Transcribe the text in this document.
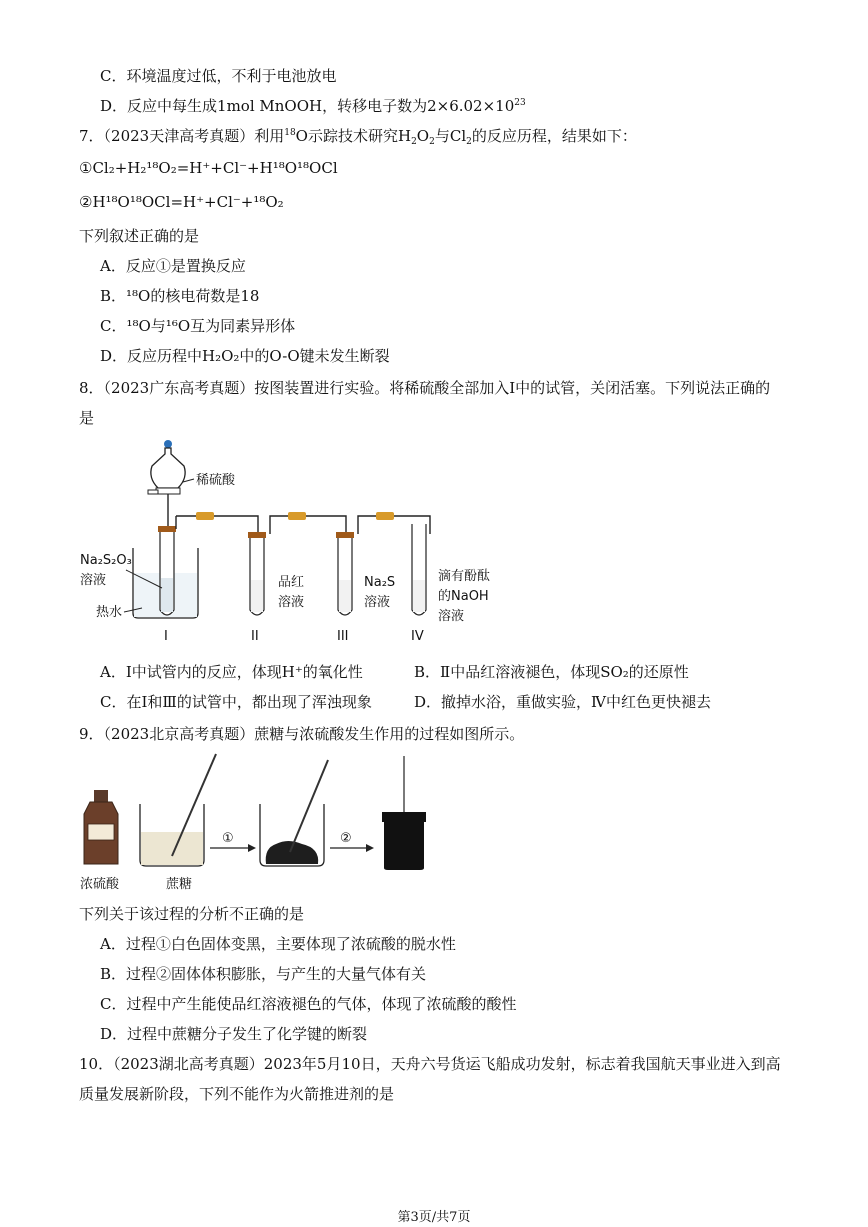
C．环境温度过低，不利于电池放电
D．反应中每生成1mol MnOOH，转移电子数为$2\times 6.02\times 10^{23}$
7．（2023天津高考真题）利用$^{18}$O示踪技术研究$H_2O_2$与$Cl_2$的反应历程，结果如下：
①Cl₂+H₂¹⁸O₂=H⁺+Cl⁻+H¹⁸O¹⁸OCl
②H¹⁸O¹⁸OCl=H⁺+Cl⁻+¹⁸O₂
下列叙述正确的是
A．反应①是置换反应
B．¹⁸O的核电荷数是18
C．¹⁸O与¹⁶O互为同素异形体
D．反应历程中H₂O₂中的O-O键未发生断裂
8．（2023广东高考真题）按图装置进行实验。将稀硫酸全部加入Ⅰ中的试管，关闭活塞。下列说法正确的
是
稀硫酸
Na₂S₂O₃
溶液
热水
品红
溶液
Na₂S
溶液
滴有酚酞
的NaOH
溶液
I	II	III	IV
A．Ⅰ中试管内的反应，体现H⁺的氧化性	B．Ⅱ中品红溶液褪色，体现SO₂的还原性
C．在Ⅰ和Ⅲ的试管中，都出现了浑浊现象	D．撤掉水浴，重做实验，Ⅳ中红色更快褪去
9．（2023北京高考真题）蔗糖与浓硫酸发生作用的过程如图所示。
浓硫酸	蔗糖
①	②
下列关于该过程的分析不正确的是
A．过程①白色固体变黑，主要体现了浓硫酸的脱水性
B．过程②固体体积膨胀，与产生的大量气体有关
C．过程中产生能使品红溶液褪色的气体，体现了浓硫酸的酸性
D．过程中蔗糖分子发生了化学键的断裂
10．（2023湖北高考真题）2023年5月10日，天舟六号货运飞船成功发射，标志着我国航天事业进入到高
质量发展新阶段，下列不能作为火箭推进剂的是
第3页/共7页
